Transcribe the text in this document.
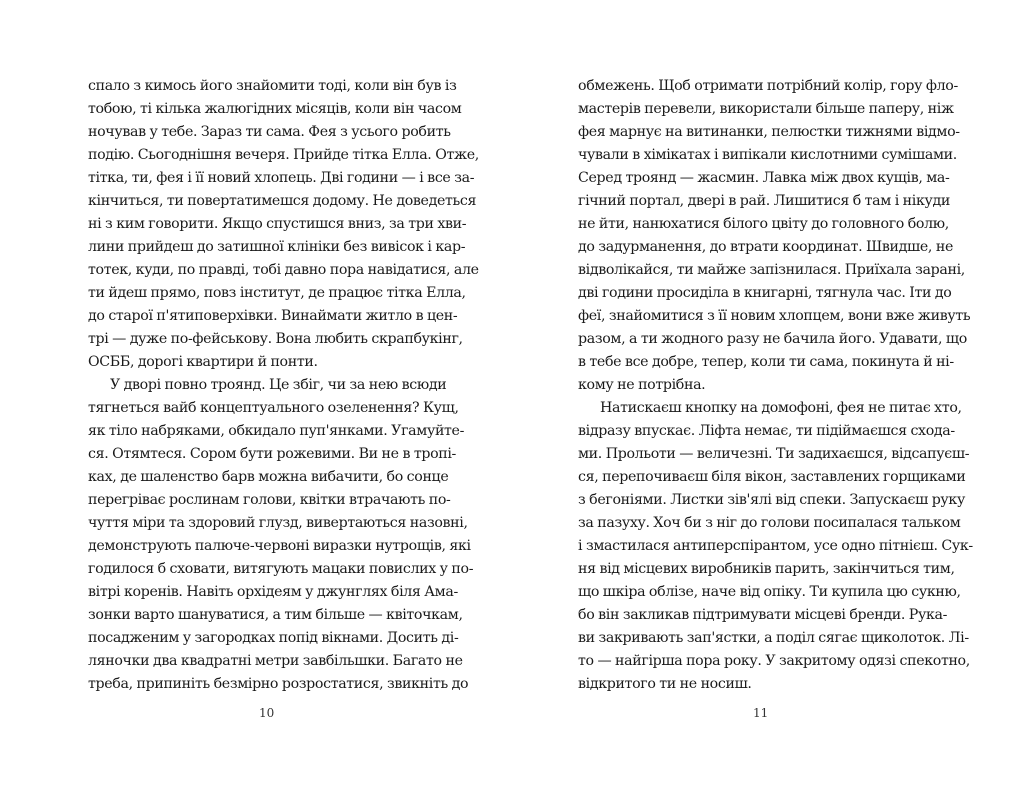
спало з кимось його знайомити тоді, коли він був із
тобою, ті кілька жалюгідних місяців, коли він часом
ночував у тебе. Зараз ти сама. Фея з усього робить
подію. Сьогоднішня вечеря. Прийде тітка Елла. Отже,
тітка, ти, фея і її новий хлопець. Дві години — і все за-
кінчиться, ти повертатимешся додому. Не доведеться
ні з ким говорити. Якщо спустишся вниз, за три хви-
лини прийдеш до затишної клініки без вивісок і кар-
тотек, куди, по правді, тобі давно пора навідатися, але
ти йдеш прямо, повз інститут, де працює тітка Елла,
до старої п'ятиповерхівки. Винаймати житло в цен-
трі — дуже по-фейськову. Вона любить скрапбукінг,
ОСББ, дорогі квартири й понти.
У дворі повно троянд. Це збіг, чи за нею всюди
тягнеться вайб концептуального озеленення? Кущ,
як тіло набряками, обкидало пуп'янками. Угамуйте-
ся. Отямтеся. Сором бути рожевими. Ви не в тропі-
ках, де шаленство барв можна вибачити, бо сонце
перегріває рослинам голови, квітки втрачають по-
чуття міри та здоровий глузд, вивертаються назовні,
демонструють палюче-червоні виразки нутрощів, які
годилося б сховати, витягують мацаки повислих у по-
вітрі коренів. Навіть орхідеям у джунглях біля Ама-
зонки варто шануватися, а тим більше — квіточкам,
посадженим у загородках попід вікнами. Досить ді-
ляночки два квадратні метри завбільшки. Багато не
треба, припиніть безмірно розростатися, звикніть до
обмежень. Щоб отримати потрібний колір, гору фло-
мастерів перевели, використали більше паперу, ніж
фея марнує на витинанки, пелюстки тижнями відмо-
чували в хімікатах і випікали кислотними сумішами.
Серед троянд — жасмин. Лавка між двох кущів, ма-
гічний портал, двері в рай. Лишитися б там і нікуди
не йти, нанюхатися білого цвіту до головного болю,
до задурманення, до втрати координат. Швидше, не
відволікайся, ти майже запізнилася. Приїхала зарані,
дві години просиділа в книгарні, тягнула час. Іти до
феї, знайомитися з її новим хлопцем, вони вже живуть
разом, а ти жодного разу не бачила його. Удавати, що
в тебе все добре, тепер, коли ти сама, покинута й ні-
кому не потрібна.
Натискаєш кнопку на домофоні, фея не питає хто,
відразу впускає. Ліфта немає, ти підіймаєшся схода-
ми. Прольоти — величезні. Ти задихаєшся, відсапуєш-
ся, перепочиваєш біля вікон, заставлених горщиками
з бегоніями. Листки зів'ялі від спеки. Запускаєш руку
за пазуху. Хоч би з ніг до голови посипалася тальком
і змастилася антиперспірантом, усе одно пітнієш. Сук-
ня від місцевих виробників парить, закінчиться тим,
що шкіра облізе, наче від опіку. Ти купила цю сукню,
бо він закликав підтримувати місцеві бренди. Рука-
ви закривають зап'ястки, а поділ сягає щиколоток. Лі-
то — найгірша пора року. У закритому одязі спекотно,
відкритого ти не носиш.
10	11
